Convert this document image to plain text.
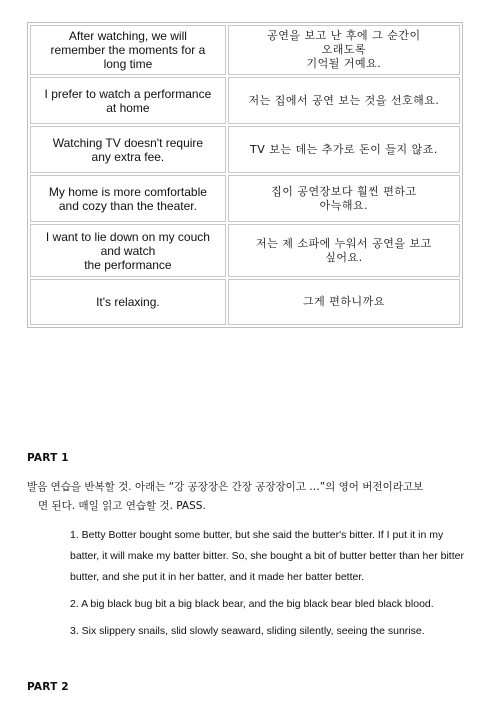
After watching, we will
remember the moments for a
long time	공연을 보고 난 후에 그 순간이
오래도록
기억될 거예요.

I prefer to watch a performance
at home	저는 집에서 공연 보는 것을 선호해요.

Watching TV doesn't require
any extra fee.	TV 보는 데는 추가로 돈이 들지 않죠.

My home is more comfortable
and cozy than the theater.	집이 공연장보다 훨씬 편하고
아늑해요.

I want to lie down on my couch
and watch
the performance	저는 제 소파에 누워서 공연을 보고
싶어요.

It's relaxing.	그게 편하니까요
PART 1
발음 연습을 반복할 것. 아래는 “강 공장장은 간장 공장장이고 …”의 영어 버전이라고보
면 된다. 매일 읽고 연습할 것. PASS.
1. Betty Botter bought some butter, but she said the butter's bitter. If I put it in my batter, it will make my batter bitter. So, she bought a bit of butter better than her bitter butter, and she put it in her batter, and it made her batter better.
2. A big black bug bit a big black bear, and the big black bear bled black blood.
3. Six slippery snails, slid slowly seaward, sliding silently, seeing the sunrise.
PART 2
